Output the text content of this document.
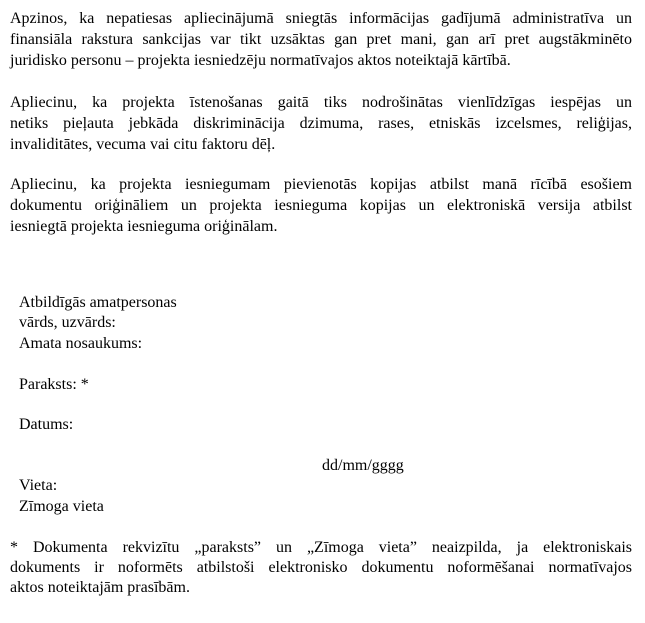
Apzinos, ka nepatiesas apliecinājumā sniegtās informācijas gadījumā administratīva un
finansiāla rakstura sankcijas var tikt uzsāktas gan pret mani, gan arī pret augstākminēto
juridisko personu – projekta iesniedzēju normatīvajos aktos noteiktajā kārtībā.

Apliecinu, ka projekta īstenošanas gaitā tiks nodrošinātas vienlīdzīgas iespējas un
netiks pieļauta jebkāda diskriminācija dzimuma, rases, etniskās izcelsmes, reliģijas,
invaliditātes, vecuma vai citu faktoru dēļ.

Apliecinu, ka projekta iesniegumam pievienotās kopijas atbilst manā rīcībā esošiem
dokumentu oriģināliem un projekta iesnieguma kopijas un elektroniskā versija atbilst
iesniegtā projekta iesnieguma oriģinālam.

Atbildīgās amatpersonas

vārds, uzvārds:

Amata nosaukums:

Paraksts: *

Datums:

dd/mm/gggg

Vieta:

Zīmoga vieta

* Dokumenta rekvizītu „paraksts” un „Zīmoga vieta” neaizpilda, ja elektroniskais
dokuments ir noformēts atbilstoši elektronisko dokumentu noformēšanai normatīvajos
aktos noteiktajām prasībām.
